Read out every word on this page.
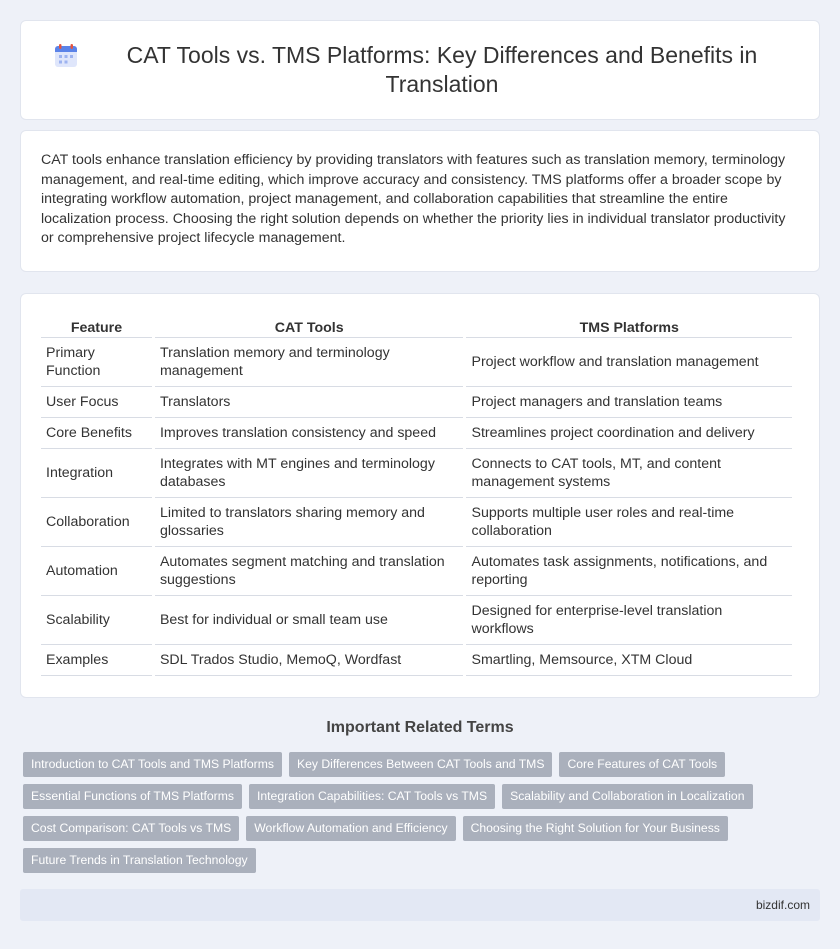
CAT Tools vs. TMS Platforms: Key Differences and Benefits in Translation

CAT tools enhance translation efficiency by providing translators with features such as translation memory, terminology management, and real-time editing, which improve accuracy and consistency. TMS platforms offer a broader scope by integrating workflow automation, project management, and collaboration capabilities that streamline the entire localization process. Choosing the right solution depends on whether the priority lies in individual translator productivity or comprehensive project lifecycle management.

Feature	CAT Tools	TMS Platforms
Primary Function	Translation memory and terminology management	Project workflow and translation management
User Focus	Translators	Project managers and translation teams
Core Benefits	Improves translation consistency and speed	Streamlines project coordination and delivery
Integration	Integrates with MT engines and terminology databases	Connects to CAT tools, MT, and content management systems
Collaboration	Limited to translators sharing memory and glossaries	Supports multiple user roles and real-time collaboration
Automation	Automates segment matching and translation suggestions	Automates task assignments, notifications, and reporting
Scalability	Best for individual or small team use	Designed for enterprise-level translation workflows
Examples	SDL Trados Studio, MemoQ, Wordfast	Smartling, Memsource, XTM Cloud
Important Related Terms
Introduction to CAT Tools and TMS Platforms	Key Differences Between CAT Tools and TMS	Core Features of CAT Tools
Essential Functions of TMS Platforms	Integration Capabilities: CAT Tools vs TMS	Scalability and Collaboration in Localization
Cost Comparison: CAT Tools vs TMS	Workflow Automation and Efficiency	Choosing the Right Solution for Your Business
Future Trends in Translation Technology
bizdif.com
